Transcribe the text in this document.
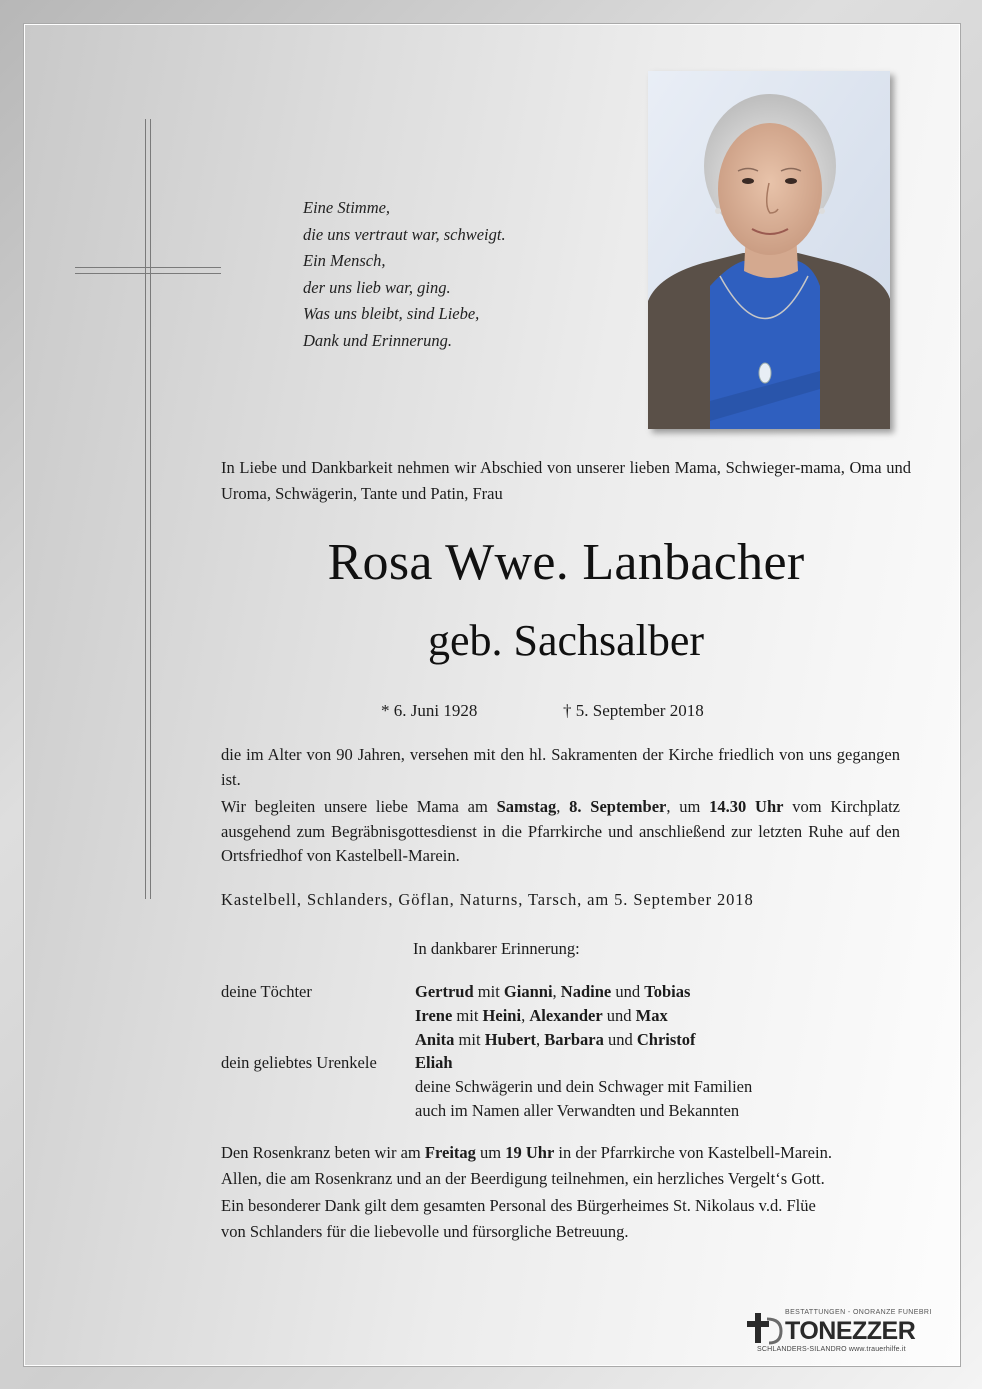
Eine Stimme,
die uns vertraut war, schweigt.
Ein Mensch,
der uns lieb war, ging.
Was uns bleibt, sind Liebe,
Dank und Erinnerung.
In Liebe und Dankbarkeit nehmen wir Abschied von unserer lieben Mama, Schwieger-mama, Oma und Uroma, Schwägerin, Tante und Patin, Frau
Rosa Wwe. Lanbacher
geb. Sachsalber
* 6. Juni 1928	† 5. September 2018

die im Alter von 90 Jahren, versehen mit den hl. Sakramenten der Kirche friedlich von uns gegangen ist.

Wir begleiten unsere liebe Mama am Samstag, 8. September, um 14.30 Uhr vom Kirchplatz ausgehend zum Begräbnisgottesdienst in die Pfarrkirche und anschließend zur letzten Ruhe auf den Ortsfriedhof von Kastelbell-Marein.

Kastelbell, Schlanders, Göflan, Naturns, Tarsch, am 5. September 2018
In dankbarer Erinnerung:
deine Töchter	Gertrud mit Gianni, Nadine und Tobias
Irene mit Heini, Alexander und Max
Anita mit Hubert, Barbara und Christof
dein geliebtes Urenkele Eliah
deine Schwägerin und dein Schwager mit Familien
auch im Namen aller Verwandten und Bekannten

Den Rosenkranz beten wir am Freitag um 19 Uhr in der Pfarrkirche von Kastelbell-Marein.

Allen, die am Rosenkranz und an der Beerdigung teilnehmen, ein herzliches Vergelt‘s Gott.

Ein besonderer Dank gilt dem gesamten Personal des Bürgerheimes St. Nikolaus v.d. Flüe

von Schlanders für die liebevolle und fürsorgliche Betreuung.

BESTATTUNGEN - ONORANZE FUNEBRI
TONEZZER
SCHLANDERS-SILANDRO www.trauerhilfe.it
